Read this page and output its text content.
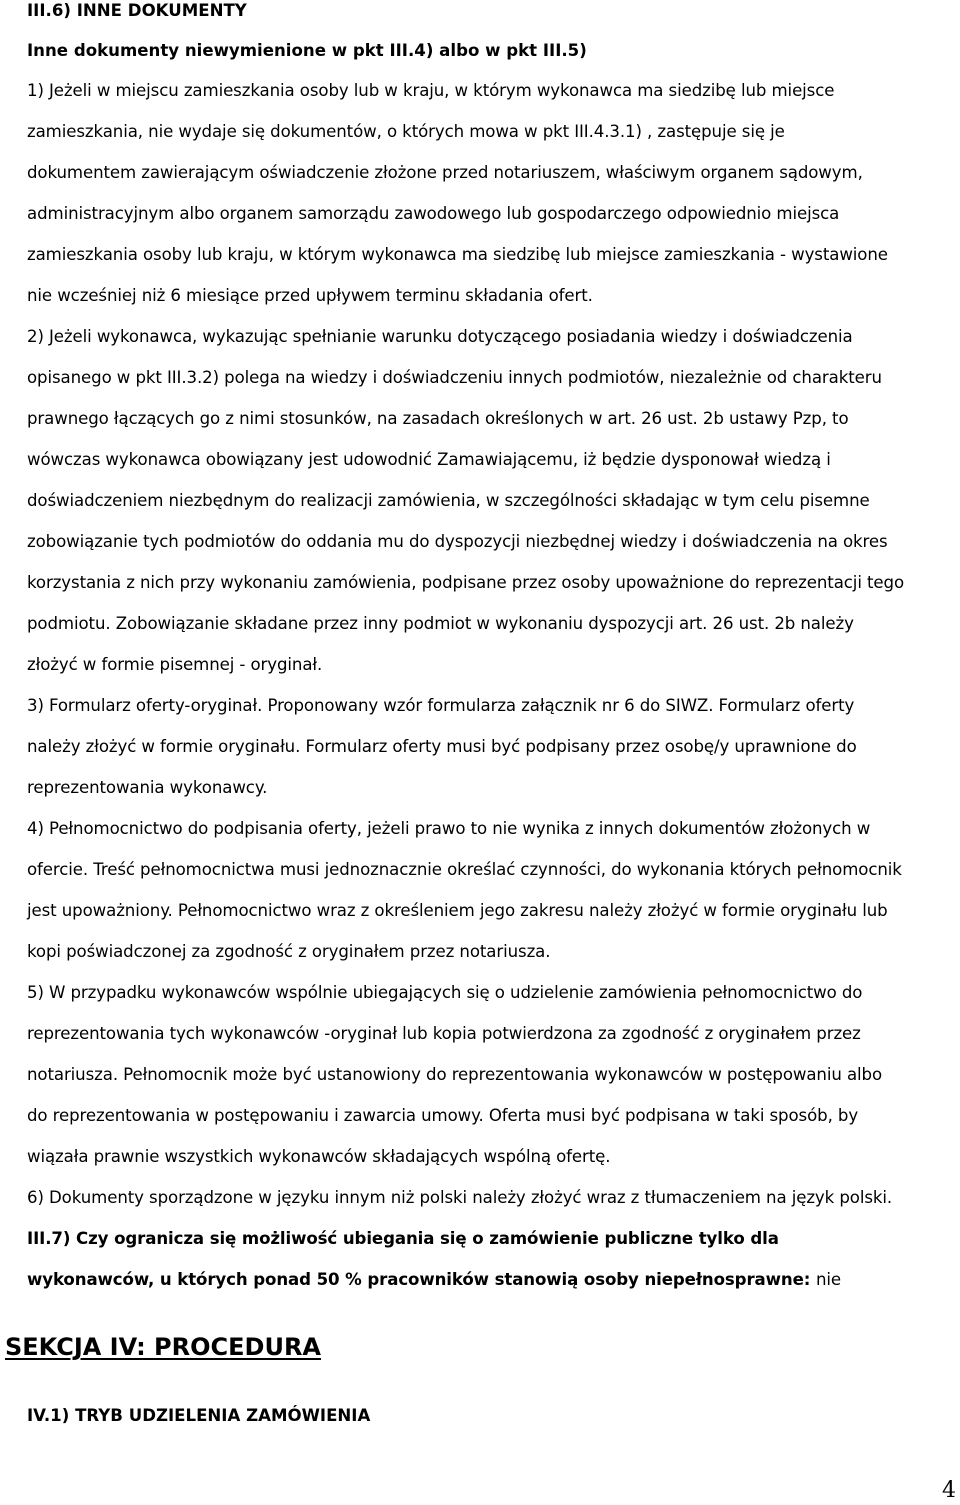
III.6) INNE DOKUMENTY
Inne dokumenty niewymienione w pkt III.4) albo w pkt III.5)
1) Jeżeli w miejscu zamieszkania osoby lub w kraju, w którym wykonawca ma siedzibę lub miejsce
zamieszkania, nie wydaje się dokumentów, o których mowa w pkt III.4.3.1) , zastępuje się je
dokumentem zawierającym oświadczenie złożone przed notariuszem, właściwym organem sądowym,
administracyjnym albo organem samorządu zawodowego lub gospodarczego odpowiednio miejsca
zamieszkania osoby lub kraju, w którym wykonawca ma siedzibę lub miejsce zamieszkania - wystawione
nie wcześniej niż 6 miesiące przed upływem terminu składania ofert.
2) Jeżeli wykonawca, wykazując spełnianie warunku dotyczącego posiadania wiedzy i doświadczenia
opisanego w pkt III.3.2) polega na wiedzy i doświadczeniu innych podmiotów, niezależnie od charakteru
prawnego łączących go z nimi stosunków, na zasadach określonych w art. 26 ust. 2b ustawy Pzp, to
wówczas wykonawca obowiązany jest udowodnić Zamawiającemu, iż będzie dysponował wiedzą i
doświadczeniem niezbędnym do realizacji zamówienia, w szczególności składając w tym celu pisemne
zobowiązanie tych podmiotów do oddania mu do dyspozycji niezbędnej wiedzy i doświadczenia na okres
korzystania z nich przy wykonaniu zamówienia, podpisane przez osoby upoważnione do reprezentacji tego
podmiotu. Zobowiązanie składane przez inny podmiot w wykonaniu dyspozycji art. 26 ust. 2b należy
złożyć w formie pisemnej - oryginał.
3) Formularz oferty-oryginał. Proponowany wzór formularza załącznik nr 6 do SIWZ. Formularz oferty
należy złożyć w formie oryginału. Formularz oferty musi być podpisany przez osobę/y uprawnione do
reprezentowania wykonawcy.
4) Pełnomocnictwo do podpisania oferty, jeżeli prawo to nie wynika z innych dokumentów złożonych w
ofercie. Treść pełnomocnictwa musi jednoznacznie określać czynności, do wykonania których pełnomocnik
jest upoważniony. Pełnomocnictwo wraz z określeniem jego zakresu należy złożyć w formie oryginału lub
kopi poświadczonej za zgodność z oryginałem przez notariusza.
5) W przypadku wykonawców wspólnie ubiegających się o udzielenie zamówienia pełnomocnictwo do
reprezentowania tych wykonawców -oryginał lub kopia potwierdzona za zgodność z oryginałem przez
notariusza. Pełnomocnik może być ustanowiony do reprezentowania wykonawców w postępowaniu albo
do reprezentowania w postępowaniu i zawarcia umowy. Oferta musi być podpisana w taki sposób, by
wiązała prawnie wszystkich wykonawców składających wspólną ofertę.
6) Dokumenty sporządzone w języku innym niż polski należy złożyć wraz z tłumaczeniem na język polski.
III.7) Czy ogranicza się możliwość ubiegania się o zamówienie publiczne tylko dla
wykonawców, u których ponad 50 % pracowników stanowią osoby niepełnosprawne: nie
SEKCJA IV: PROCEDURA
IV.1) TRYB UDZIELENIA ZAMÓWIENIA
4
